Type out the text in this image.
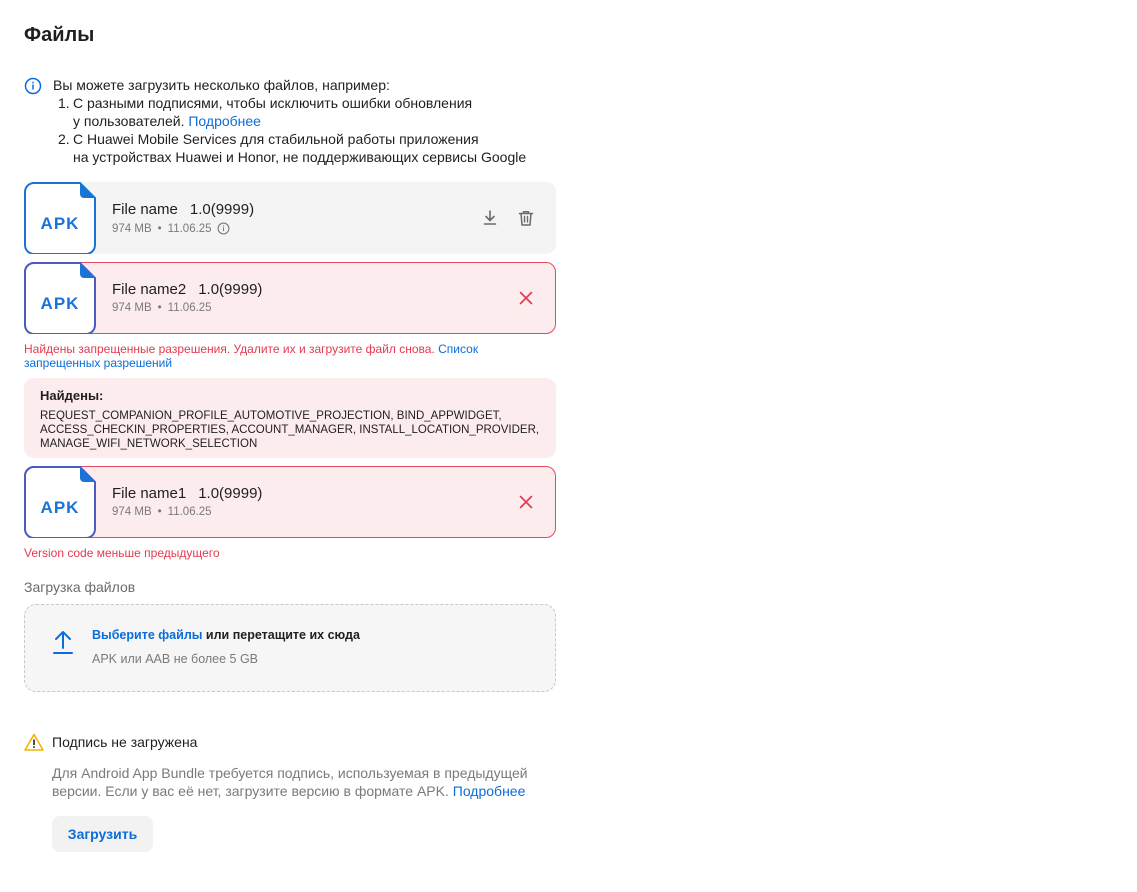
Файлы
Вы можете загрузить несколько файлов, например:
1. С разными подписями, чтобы исключить ошибки обновления
у пользователей. Подробнее
2. С Huawei Mobile Services для стабильной работы приложения
на устройствах Huawei и Honor, не поддерживающих сервисы Google
APK
File name 1.0(9999)
974 MB • 11.06.25
APK
File name2 1.0(9999)
974 MB • 11.06.25
Найдены запрещенные разрешения. Удалите их и загрузите файл снова. Список
запрещенных разрешений
Найдены:
REQUEST_COMPANION_PROFILE_AUTOMOTIVE_PROJECTION, BIND_APPWIDGET, ACCESS_CHECKIN_PROPERTIES, ACCOUNT_MANAGER, INSTALL_LOCATION_PROVIDER, MANAGE_WIFI_NETWORK_SELECTION
APK
File name1 1.0(9999)
974 MB • 11.06.25
Version code меньше предыдущего
Загрузка файлов
Выберите файлы или перетащите их сюда
APK или AAB не более 5 GB
Подпись не загружена
Для Android App Bundle требуется подпись, используемая в предыдущей
версии. Если у вас её нет, загрузите версию в формате APK. Подробнее
Загрузить
